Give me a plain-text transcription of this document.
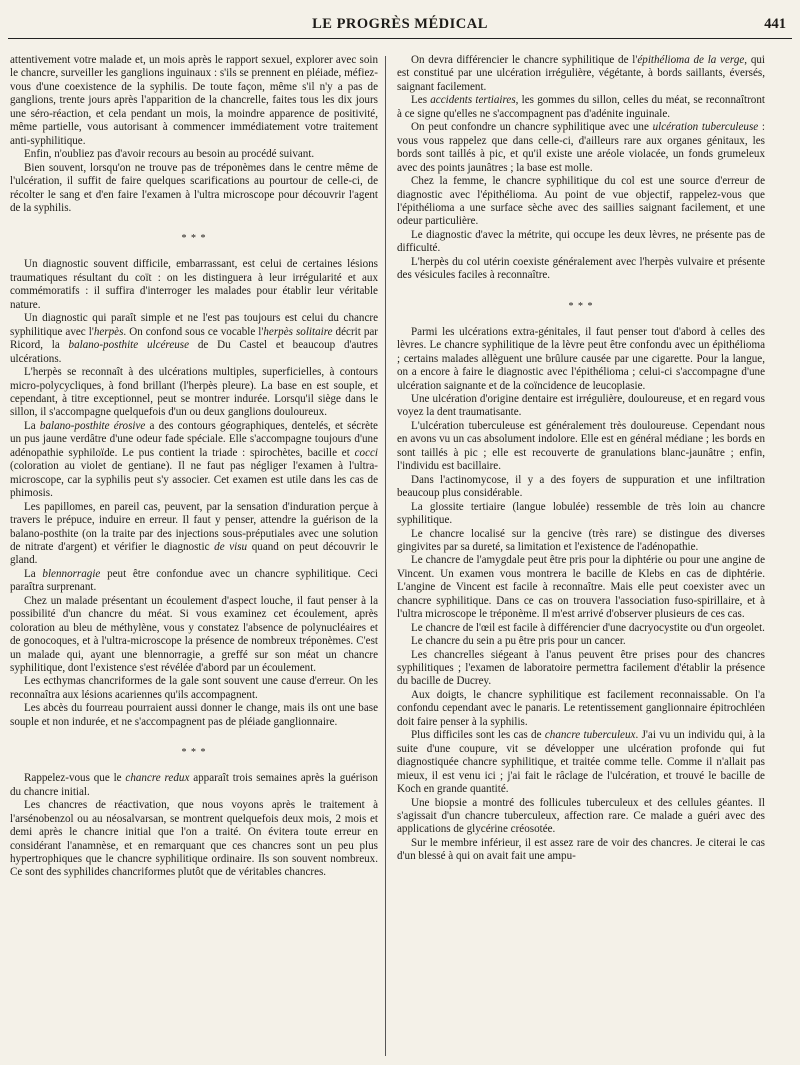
LE PROGRÈS MÉDICAL	441

attentivement votre malade et, un mois après le rapport sexuel, explorer avec soin le chancre, surveiller les ganglions inguinaux : s'ils se prennent en pléiade, méfiez-vous d'une coexistence de la syphilis. De toute façon, même s'il n'y a pas de ganglions, trente jours après l'apparition de la chancrelle, faites tous les dix jours une séro-réaction, et cela pendant un mois, la moindre apparence de positivité, même partielle, vous autorisant à commencer immédiatement votre traitement anti-syphilitique.

Enfin, n'oubliez pas d'avoir recours au besoin au procédé suivant.

Bien souvent, lorsqu'on ne trouve pas de tréponèmes dans le centre même de l'ulcération, il suffit de faire quelques scarifications au pourtour de celle-ci, de récolter le sang et d'en faire l'examen à l'ultra microscope pour découvrir l'agent de la syphilis.

* * *

Un diagnostic souvent difficile, embarrassant, est celui de certaines lésions traumatiques résultant du coït : on les distinguera à leur irrégularité et aux commémoratifs : il suffira d'interroger les malades pour établir leur véritable nature.

Un diagnostic qui paraît simple et ne l'est pas toujours est celui du chancre syphilitique avec l'herpès. On confond sous ce vocable l'herpès solitaire décrit par Ricord, la balano-posthite ulcéreuse de Du Castel et beaucoup d'autres ulcérations.

L'herpès se reconnaît à des ulcérations multiples, superficielles, à contours micro-polycycliques, à fond brillant (l'herpès pleure). La base en est souple, et cependant, à titre exceptionnel, peut se montrer indurée. Lorsqu'il siège dans le sillon, il s'accompagne quelquefois d'un ou deux ganglions douloureux.

La balano-posthite érosive a des contours géographiques, dentelés, et sécrète un pus jaune verdâtre d'une odeur fade spéciale. Elle s'accompagne toujours d'une adénopathie syphiloïde. Le pus contient la triade : spirochètes, bacille et cocci (coloration au violet de gentiane). Il ne faut pas négliger l'examen à l'ultra-microscope, car la syphilis peut s'y associer. Cet examen est utile dans les cas de phimosis.

Les papillomes, en pareil cas, peuvent, par la sensation d'induration perçue à travers le prépuce, induire en erreur. Il faut y penser, attendre la guérison de la balano-posthite (on la traite par des injections sous-préputiales avec une solution de nitrate d'argent) et vérifier le diagnostic de visu quand on peut découvrir le gland.

La blennorragie peut être confondue avec un chancre syphilitique. Ceci paraîtra surprenant.

Chez un malade présentant un écoulement d'aspect louche, il faut penser à la possibilité d'un chancre du méat. Si vous examinez cet écoulement, après coloration au bleu de méthylène, vous y constatez l'absence de polynucléaires et de gonocoques, et à l'ultra-microscope la présence de nombreux tréponèmes. C'est un malade qui, ayant une blennorragie, a greffé sur son méat un chancre syphilitique, dont l'existence s'est révélée d'abord par un écoulement.

Les ecthymas chancriformes de la gale sont souvent une cause d'erreur. On les reconnaîtra aux lésions acariennes qu'ils accompagnent.

Les abcès du fourreau pourraient aussi donner le change, mais ils ont une base souple et non indurée, et ne s'accompagnent pas de pléiade ganglionnaire.

* * *

Rappelez-vous que le chancre redux apparaît trois semaines après la guérison du chancre initial.

Les chancres de réactivation, que nous voyons après le traitement à l'arsénobenzol ou au néosalvarsan, se montrent quelquefois deux mois, 2 mois et demi après le chancre initial que l'on a traité. On évitera toute erreur en considérant l'anamnèse, et en remarquant que ces chancres sont un peu plus hypertrophiques que le chancre syphilitique ordinaire. Ils son souvent nombreux. Ce sont des syphilides chancriformes plutôt que de véritables chancres.

On devra différencier le chancre syphilitique de l'épithélioma de la verge, qui est constitué par une ulcération irrégulière, végétante, à bords saillants, éversés, saignant facilement.

Les accidents tertiaires, les gommes du sillon, celles du méat, se reconnaîtront à ce signe qu'elles ne s'accompagnent pas d'adénite inguinale.

On peut confondre un chancre syphilitique avec une ulcération tuberculeuse : vous vous rappelez que dans celle-ci, d'ailleurs rare aux organes génitaux, les bords sont taillés à pic, et qu'il existe une aréole violacée, un fonds grumeleux avec des points jaunâtres ; la base est molle.

Chez la femme, le chancre syphilitique du col est une source d'erreur de diagnostic avec l'épithélioma. Au point de vue objectif, rappelez-vous que l'épithélioma a une surface sèche avec des saillies saignant facilement, et une odeur particulière.

Le diagnostic d'avec la métrite, qui occupe les deux lèvres, ne présente pas de difficulté.

L'herpès du col utérin coexiste généralement avec l'herpès vulvaire et présente des vésicules faciles à reconnaître.

* * *

Parmi les ulcérations extra-génitales, il faut penser tout d'abord à celles des lèvres. Le chancre syphilitique de la lèvre peut être confondu avec un épithélioma ; certains malades allèguent une brûlure causée par une cigarette. Pour la langue, on a encore à faire le diagnostic avec l'épithélioma ; celui-ci s'accompagne d'une ulcération saignante et de la coïncidence de leucoplasie.

Une ulcération d'origine dentaire est irrégulière, douloureuse, et en regard vous voyez la dent traumatisante.

L'ulcération tuberculeuse est généralement très douloureuse. Cependant nous en avons vu un cas absolument indolore. Elle est en général médiane ; les bords en sont taillés à pic ; elle est recouverte de granulations blanc-jaunâtre ; enfin, l'individu est bacillaire.

Dans l'actinomycose, il y a des foyers de suppuration et une infiltration beaucoup plus considérable.

La glossite tertiaire (langue lobulée) ressemble de très loin au chancre syphilitique.

Le chancre localisé sur la gencive (très rare) se distingue des diverses gingivites par sa dureté, sa limitation et l'existence de l'adénopathie.

Le chancre de l'amygdale peut être pris pour la diphtérie ou pour une angine de Vincent. Un examen vous montrera le bacille de Klebs en cas de diphtérie. L'angine de Vincent est facile à reconnaître. Mais elle peut coexister avec un chancre syphilitique. Dans ce cas on trouvera l'association fuso-spirillaire, et à l'ultra microscope le tréponème. Il m'est arrivé d'observer plusieurs de ces cas.

Le chancre de l'œil est facile à différencier d'une dacryocystite ou d'un orgeolet.

Le chancre du sein a pu être pris pour un cancer.

Les chancrelles siégeant à l'anus peuvent être prises pour des chancres syphilitiques ; l'examen de laboratoire permettra facilement d'établir la présence du bacille de Ducrey.

Aux doigts, le chancre syphilitique est facilement reconnaissable. On l'a confondu cependant avec le panaris. Le retentissement ganglionnaire épitrochléen doit faire penser à la syphilis.

Plus difficiles sont les cas de chancre tuberculeux. J'ai vu un individu qui, à la suite d'une coupure, vit se développer une ulcération profonde qui fut diagnostiquée chancre syphilitique, et traitée comme telle. Comme il n'allait pas mieux, il est venu ici ; j'ai fait le râclage de l'ulcération, et trouvé le bacille de Koch en grande quantité.

Une biopsie a montré des follicules tuberculeux et des cellules géantes. Il s'agissait d'un chancre tuberculeux, affection rare. Ce malade a guéri avec des applications de glycérine créosotée.

Sur le membre inférieur, il est assez rare de voir des chancres. Je citerai le cas d'un blessé à qui on avait fait une ampu-
